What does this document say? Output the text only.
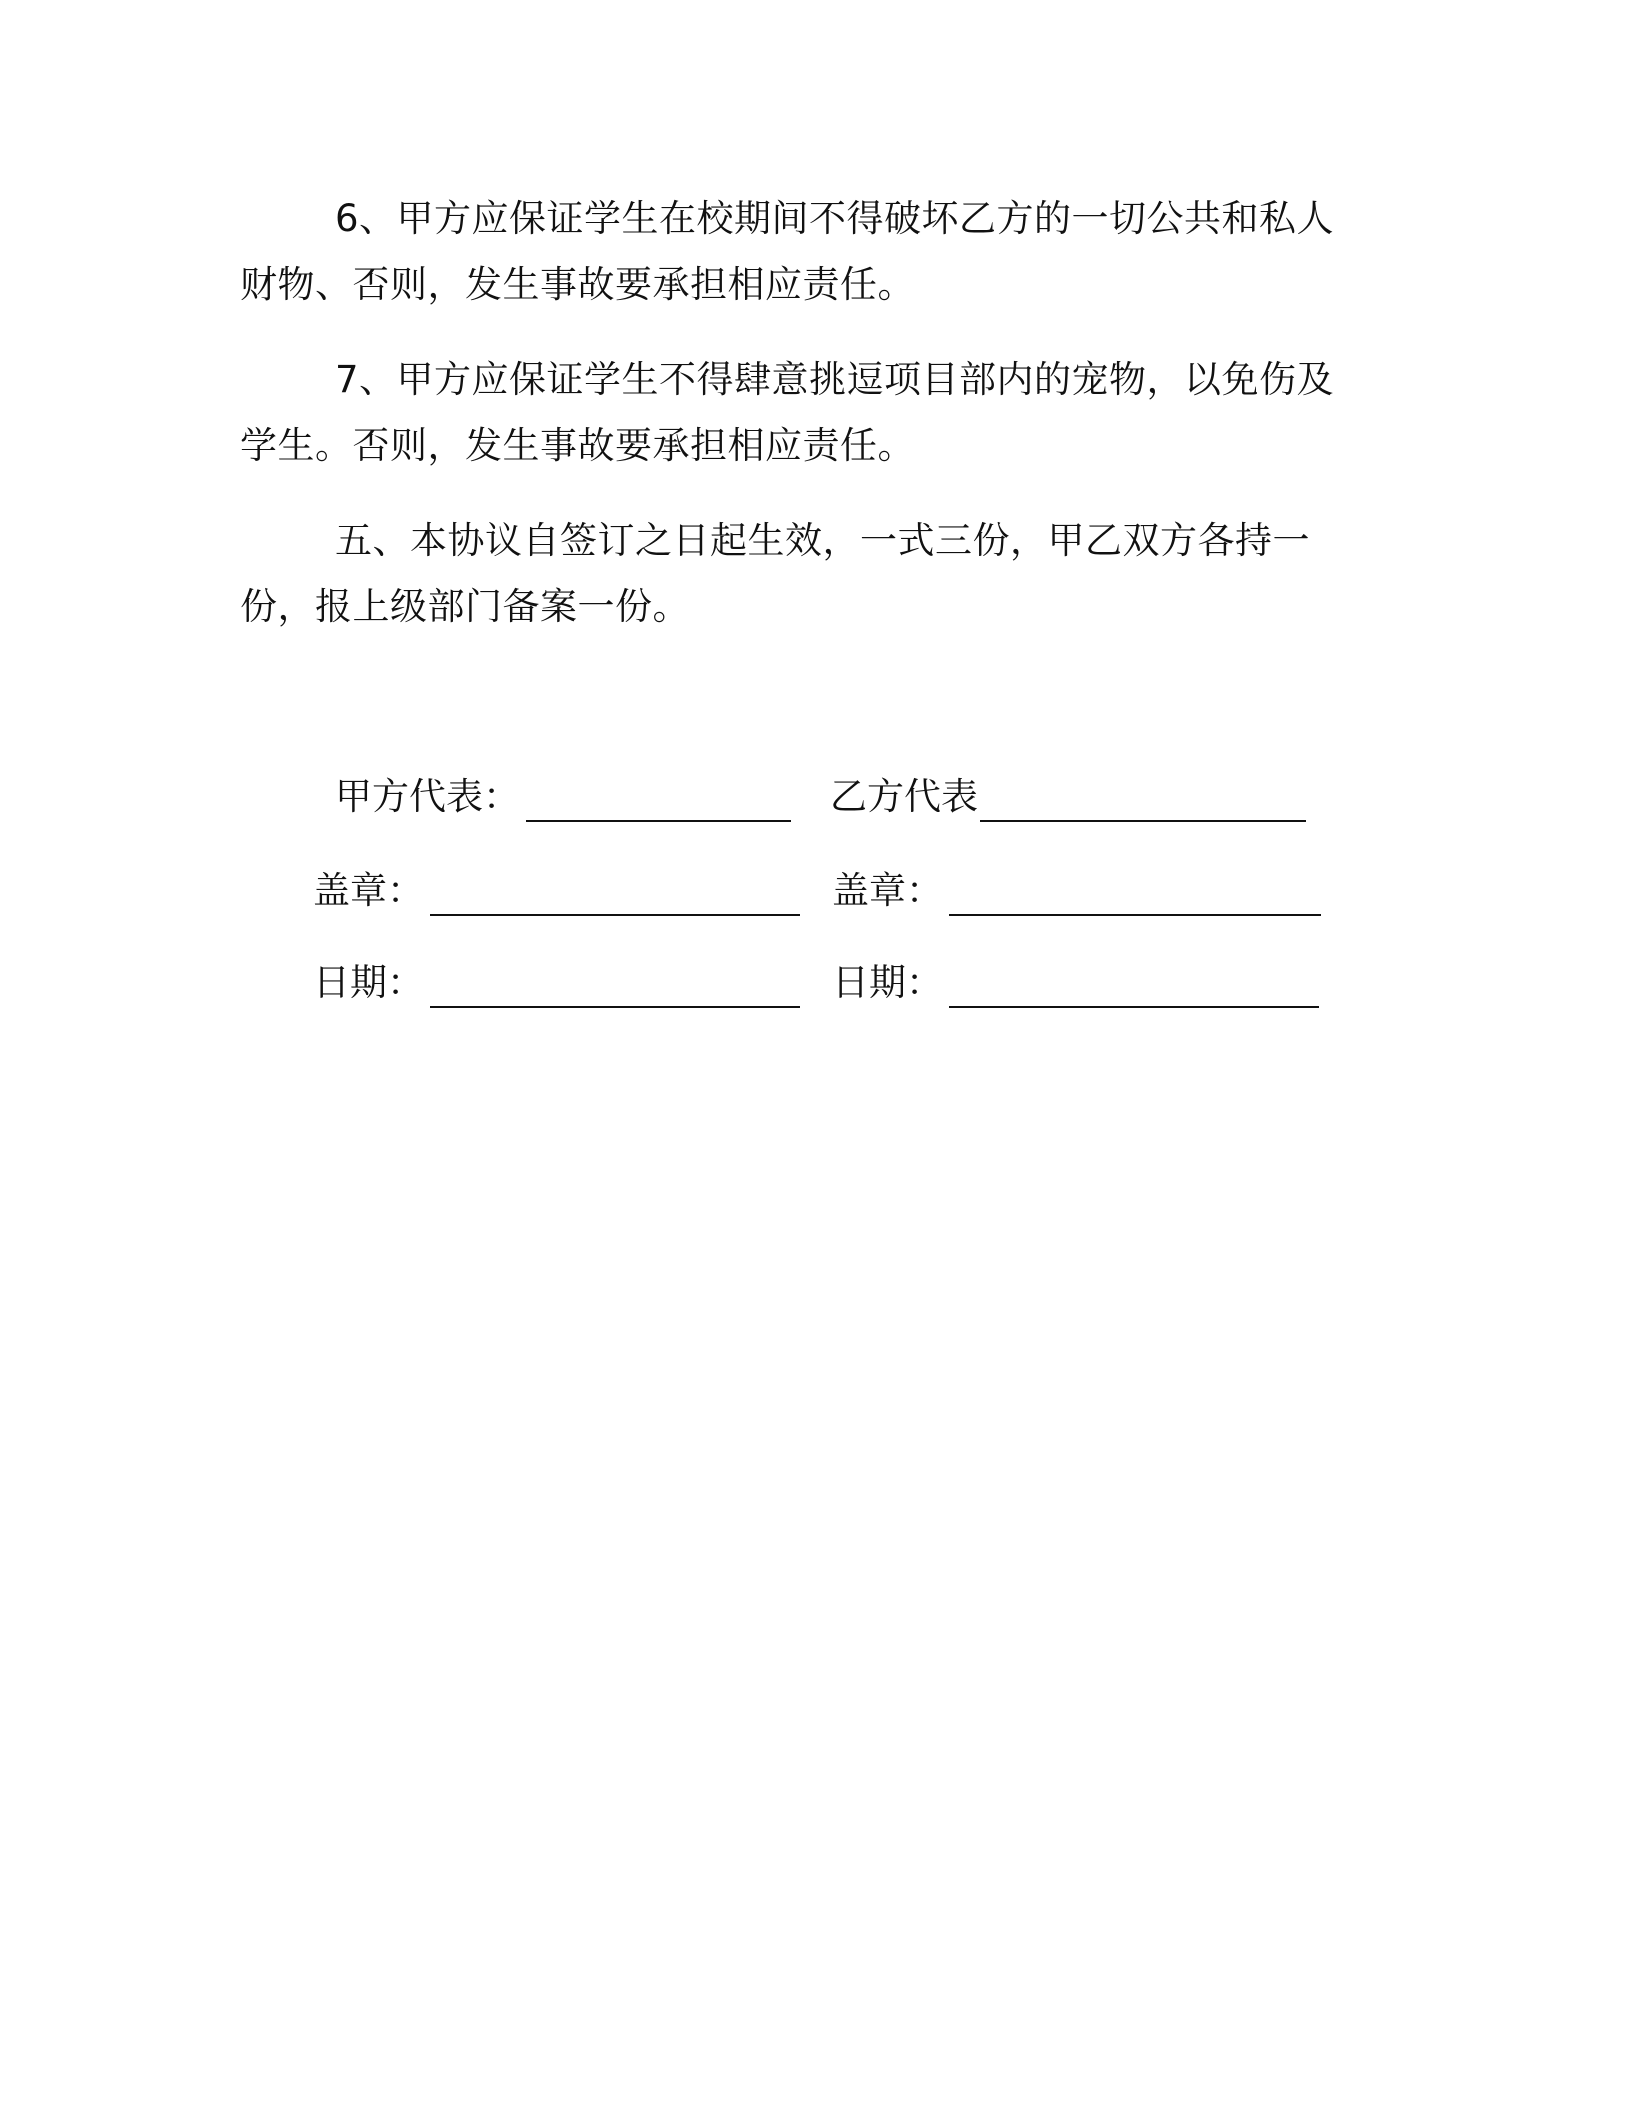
6、甲方应保证学生在校期间不得破坏乙方的一切公共和私人财物、否则，发生事故要承担相应责任。

7、甲方应保证学生不得肆意挑逗项目部内的宠物，以免伤及学生。否则，发生事故要承担相应责任。

五、本协议自签订之日起生效，一式三份，甲乙双方各持一份，报上级部门备案一份。

甲方代表：	乙方代表
盖章：	盖章：
日期：	日期：
